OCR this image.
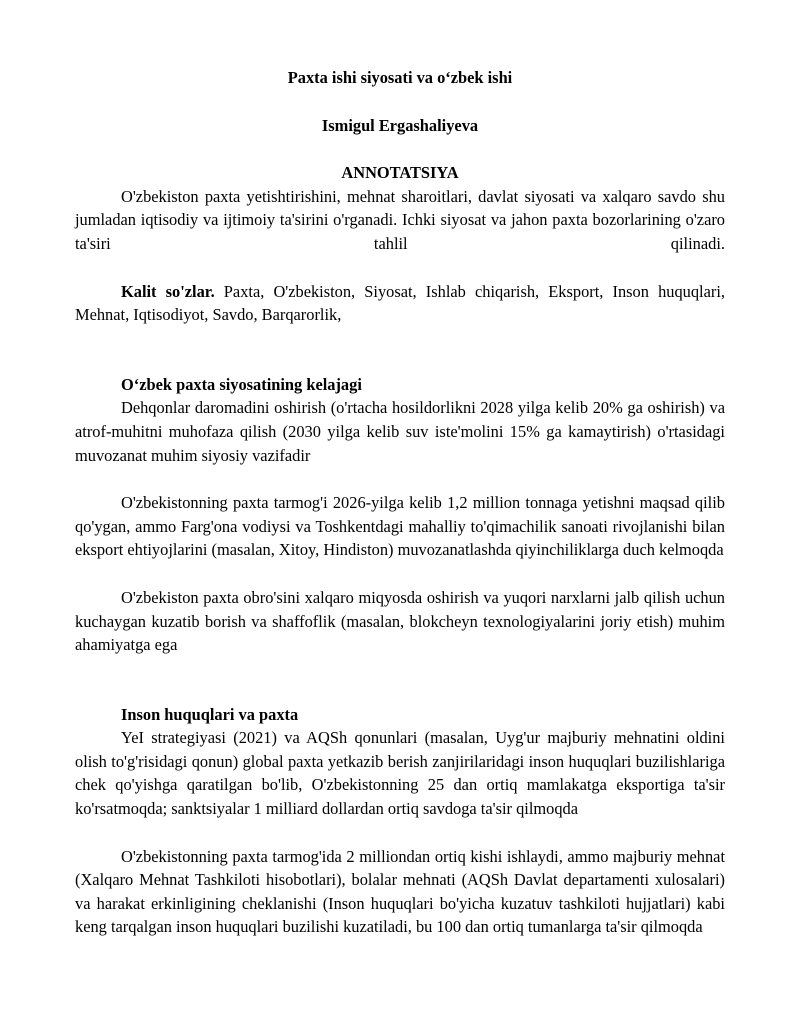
Paxta ishi siyosati va o‘zbek ishi

Ismigul Ergashaliyeva

ANNOTATSIYA

O'zbekiston paxta yetishtirishini, mehnat sharoitlari, davlat siyosati va xalqaro savdo shu jumladan iqtisodiy va ijtimoiy ta'sirini o'rganadi. Ichki siyosat va jahon paxta bozorlarining o'zaro ta'siri tahlil qilinadi.

Kalit so'zlar. Paxta, O'zbekiston, Siyosat, Ishlab chiqarish, Eksport, Inson huquqlari, Mehnat, Iqtisodiyot, Savdo, Barqarorlik,

O‘zbek paxta siyosatining kelajagi

Dehqonlar daromadini oshirish (o'rtacha hosildorlikni 2028 yilga kelib 20% ga oshirish) va atrof-muhitni muhofaza qilish (2030 yilga kelib suv iste'molini 15% ga kamaytirish) o'rtasidagi muvozanat muhim siyosiy vazifadir

O'zbekistonning paxta tarmog'i 2026-yilga kelib 1,2 million tonnaga yetishni maqsad qilib qo'ygan, ammo Farg'ona vodiysi va Toshkentdagi mahalliy to'qimachilik sanoati rivojlanishi bilan eksport ehtiyojlarini (masalan, Xitoy, Hindiston) muvozanatlashda qiyinchiliklarga duch kelmoqda

O'zbekiston paxta obro'sini xalqaro miqyosda oshirish va yuqori narxlarni jalb qilish uchun kuchaygan kuzatib borish va shaffoflik (masalan, blokcheyn texnologiyalarini joriy etish) muhim ahamiyatga ega

Inson huquqlari va paxta

YeI strategiyasi (2021) va AQSh qonunlari (masalan, Uyg'ur majburiy mehnatini oldini olish to'g'risidagi qonun) global paxta yetkazib berish zanjirilaridagi inson huquqlari buzilishlariga chek qo'yishga qaratilgan bo'lib, O'zbekistonning 25 dan ortiq mamlakatga eksportiga ta'sir ko'rsatmoqda; sanktsiyalar 1 milliard dollardan ortiq savdoga ta'sir qilmoqda

O'zbekistonning paxta tarmog'ida 2 milliondan ortiq kishi ishlaydi, ammo majburiy mehnat (Xalqaro Mehnat Tashkiloti hisobotlari), bolalar mehnati (AQSh Davlat departamenti xulosalari) va harakat erkinligining cheklanishi (Inson huquqlari bo'yicha kuzatuv tashkiloti hujjatlari) kabi keng tarqalgan inson huquqlari buzilishi kuzatiladi, bu 100 dan ortiq tumanlarga ta'sir qilmoqda
